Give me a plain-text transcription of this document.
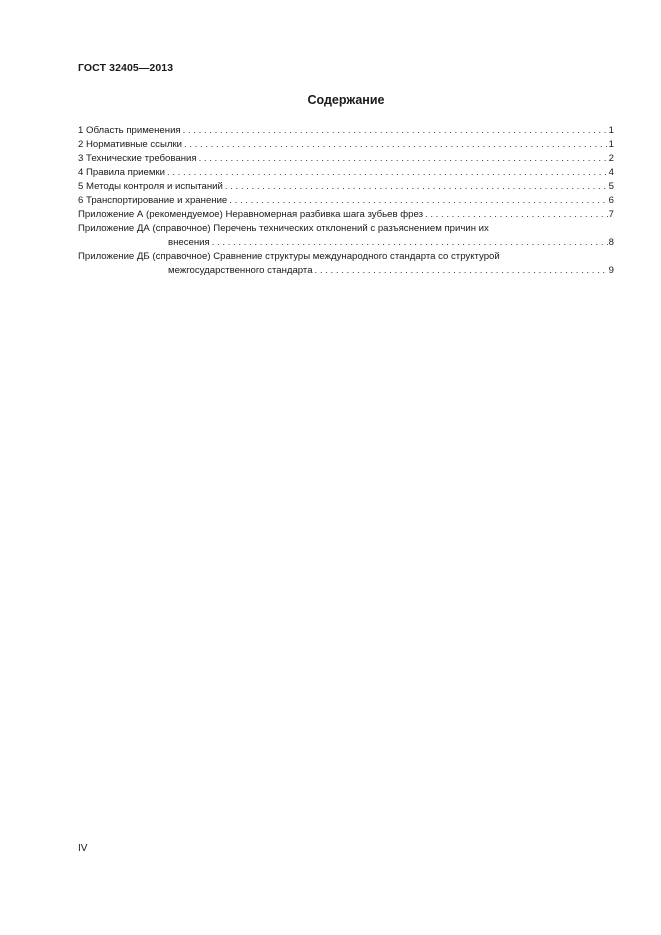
ГОСТ 32405—2013
Содержание
1 Область применения . . .	1
2 Нормативные ссылки . . .	1
3 Технические требования . . .	2
4 Правила приемки . . .	4
5 Методы контроля и испытаний . . .	5
6 Транспортирование и хранение . . .	6
Приложение А (рекомендуемое) Неравномерная разбивка шага зубьев фрез . . .	7
Приложение ДА (справочное) Перечень технических отклонений с разъяснением причин их
внесения . . .	8
Приложение ДБ (справочное) Сравнение структуры международного стандарта со структурой
межгосударственного стандарта . . .	9
IV
